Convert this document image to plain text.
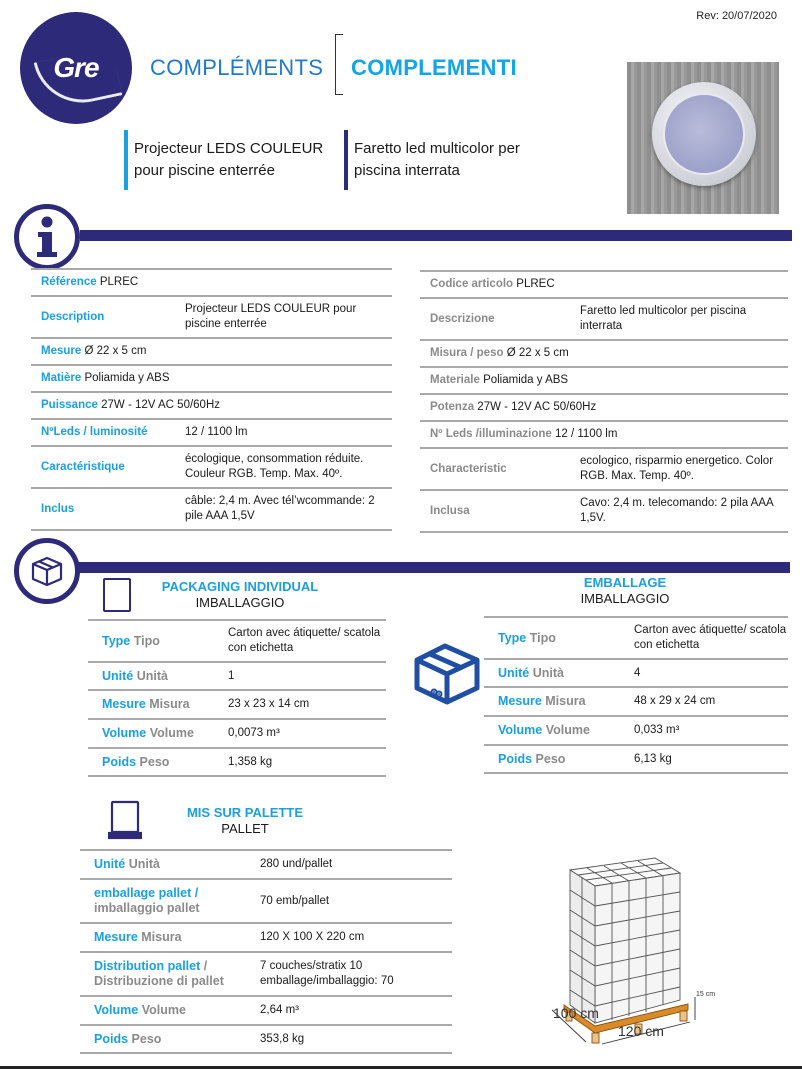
Rev: 20/07/2020
Gre COMPLÉMENTS COMPLEMENTI
Projecteur LEDS COULEUR
pour piscine enterrée
Faretto led multicolor per
piscina interrata
Référence PLREC	
Description	Projecteur LEDS COULEUR pour piscine enterrée
Mesure Ø 22 x 5 cm	
Matière Poliamida y ABS	
Puissance 27W - 12V AC 50/60Hz	
NºLeds / luminosité	12 / 1100 lm
Caractéristique	écologique, consommation réduite. Couleur RGB. Temp. Max. 40º.
Inclus	câble: 2,4 m. Avec tél’wcommande: 2 pile AAA 1,5V
Codice articolo PLREC	
Descrizione	Faretto led multicolor per piscina interrata
Misura / peso Ø 22 x 5 cm	
Materiale Poliamida y ABS	
Potenza 27W - 12V AC 50/60Hz	
Nº Leds /illuminazione 12 / 1100 lm	
Characteristic	ecologico, risparmio energetico. Color RGB. Max. Temp. 40º.
Inclusa	Cavo: 2,4 m. telecomando: 2 pila AAA 1,5V.
PACKAGING INDIVIDUAL
IMBALLAGGIO
Type Tipo	Carton avec átiquette/ scatola con etichetta
Unité Unità	1
Mesure Misura	23 x 23 x 14 cm
Volume Volume	0,0073 m³
Poids Peso	1,358 kg
EMBALLAGE
IMBALLAGGIO
Type Tipo	Carton avec átiquette/ scatola con etichetta
Unité Unità	4
Mesure Misura	48 x 29 x 24 cm
Volume Volume	0,033 m³
Poids Peso	6,13 kg
MIS SUR PALETTE
PALLET
Unité Unità	280 und/pallet

emballage pallet /
imballaggio pallet	70 emb/pallet
Mesure Misura	120 X 100 X 220 cm

Distribution pallet /
Distribuzione di pallet	7 couches/stratix 10 emballage/imballaggio: 70
Volume Volume	2,64 m³
Poids Peso	353,8 kg
100 cm
120 cm
15 cm
